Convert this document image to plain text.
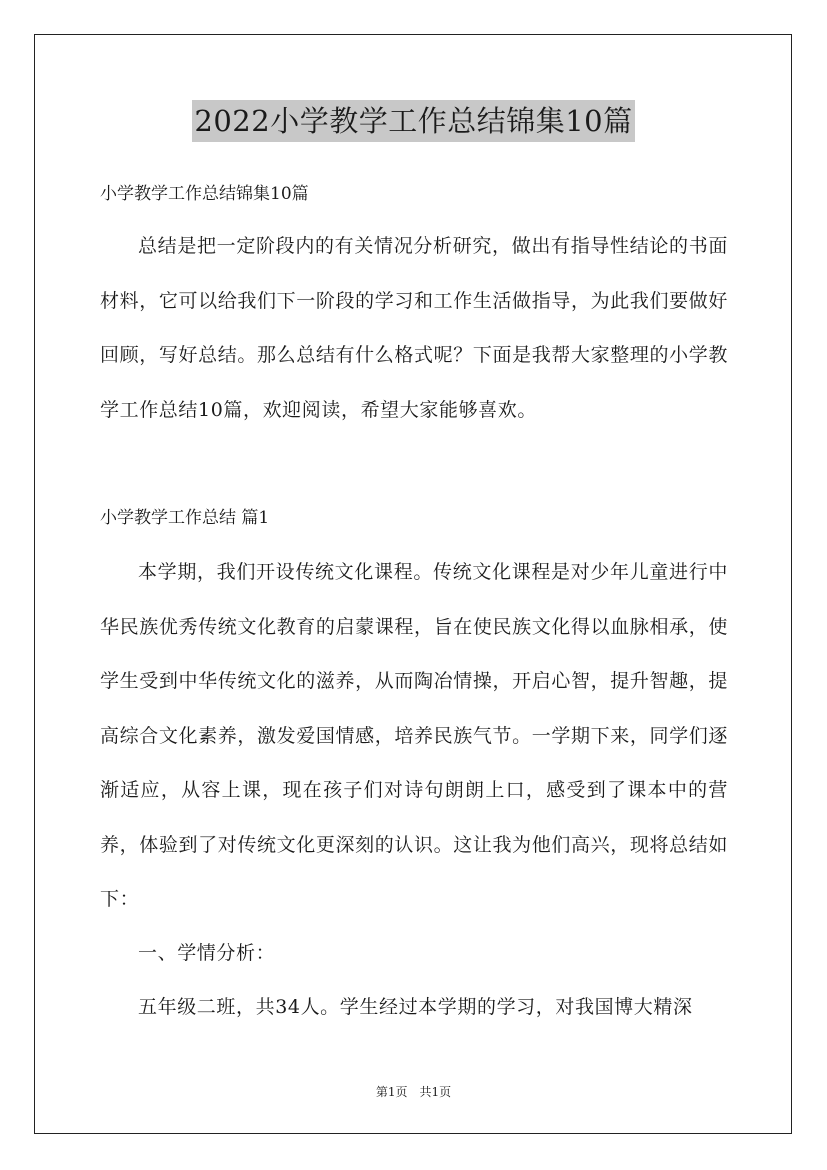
2022小学教学工作总结锦集10篇
小学教学工作总结锦集10篇

总结是把一定阶段内的有关情况分析研究，做出有指导性结论的书面材料，它可以给我们下一阶段的学习和工作生活做指导，为此我们要做好回顾，写好总结。那么总结有什么格式呢？下面是我帮大家整理的小学教学工作总结10篇，欢迎阅读，希望大家能够喜欢。

小学教学工作总结 篇1

本学期，我们开设传统文化课程。传统文化课程是对少年儿童进行中华民族优秀传统文化教育的启蒙课程，旨在使民族文化得以血脉相承，使学生受到中华传统文化的滋养，从而陶冶情操，开启心智，提升智趣，提高综合文化素养，激发爱国情感，培养民族气节。一学期下来，同学们逐渐适应，从容上课，现在孩子们对诗句朗朗上口，感受到了课本中的营养，体验到了对传统文化更深刻的认识。这让我为他们高兴，现将总结如下：

一、学情分析：
五年级二班，共34人。学生经过本学期的学习，对我国博大精深
第1页　共1页
